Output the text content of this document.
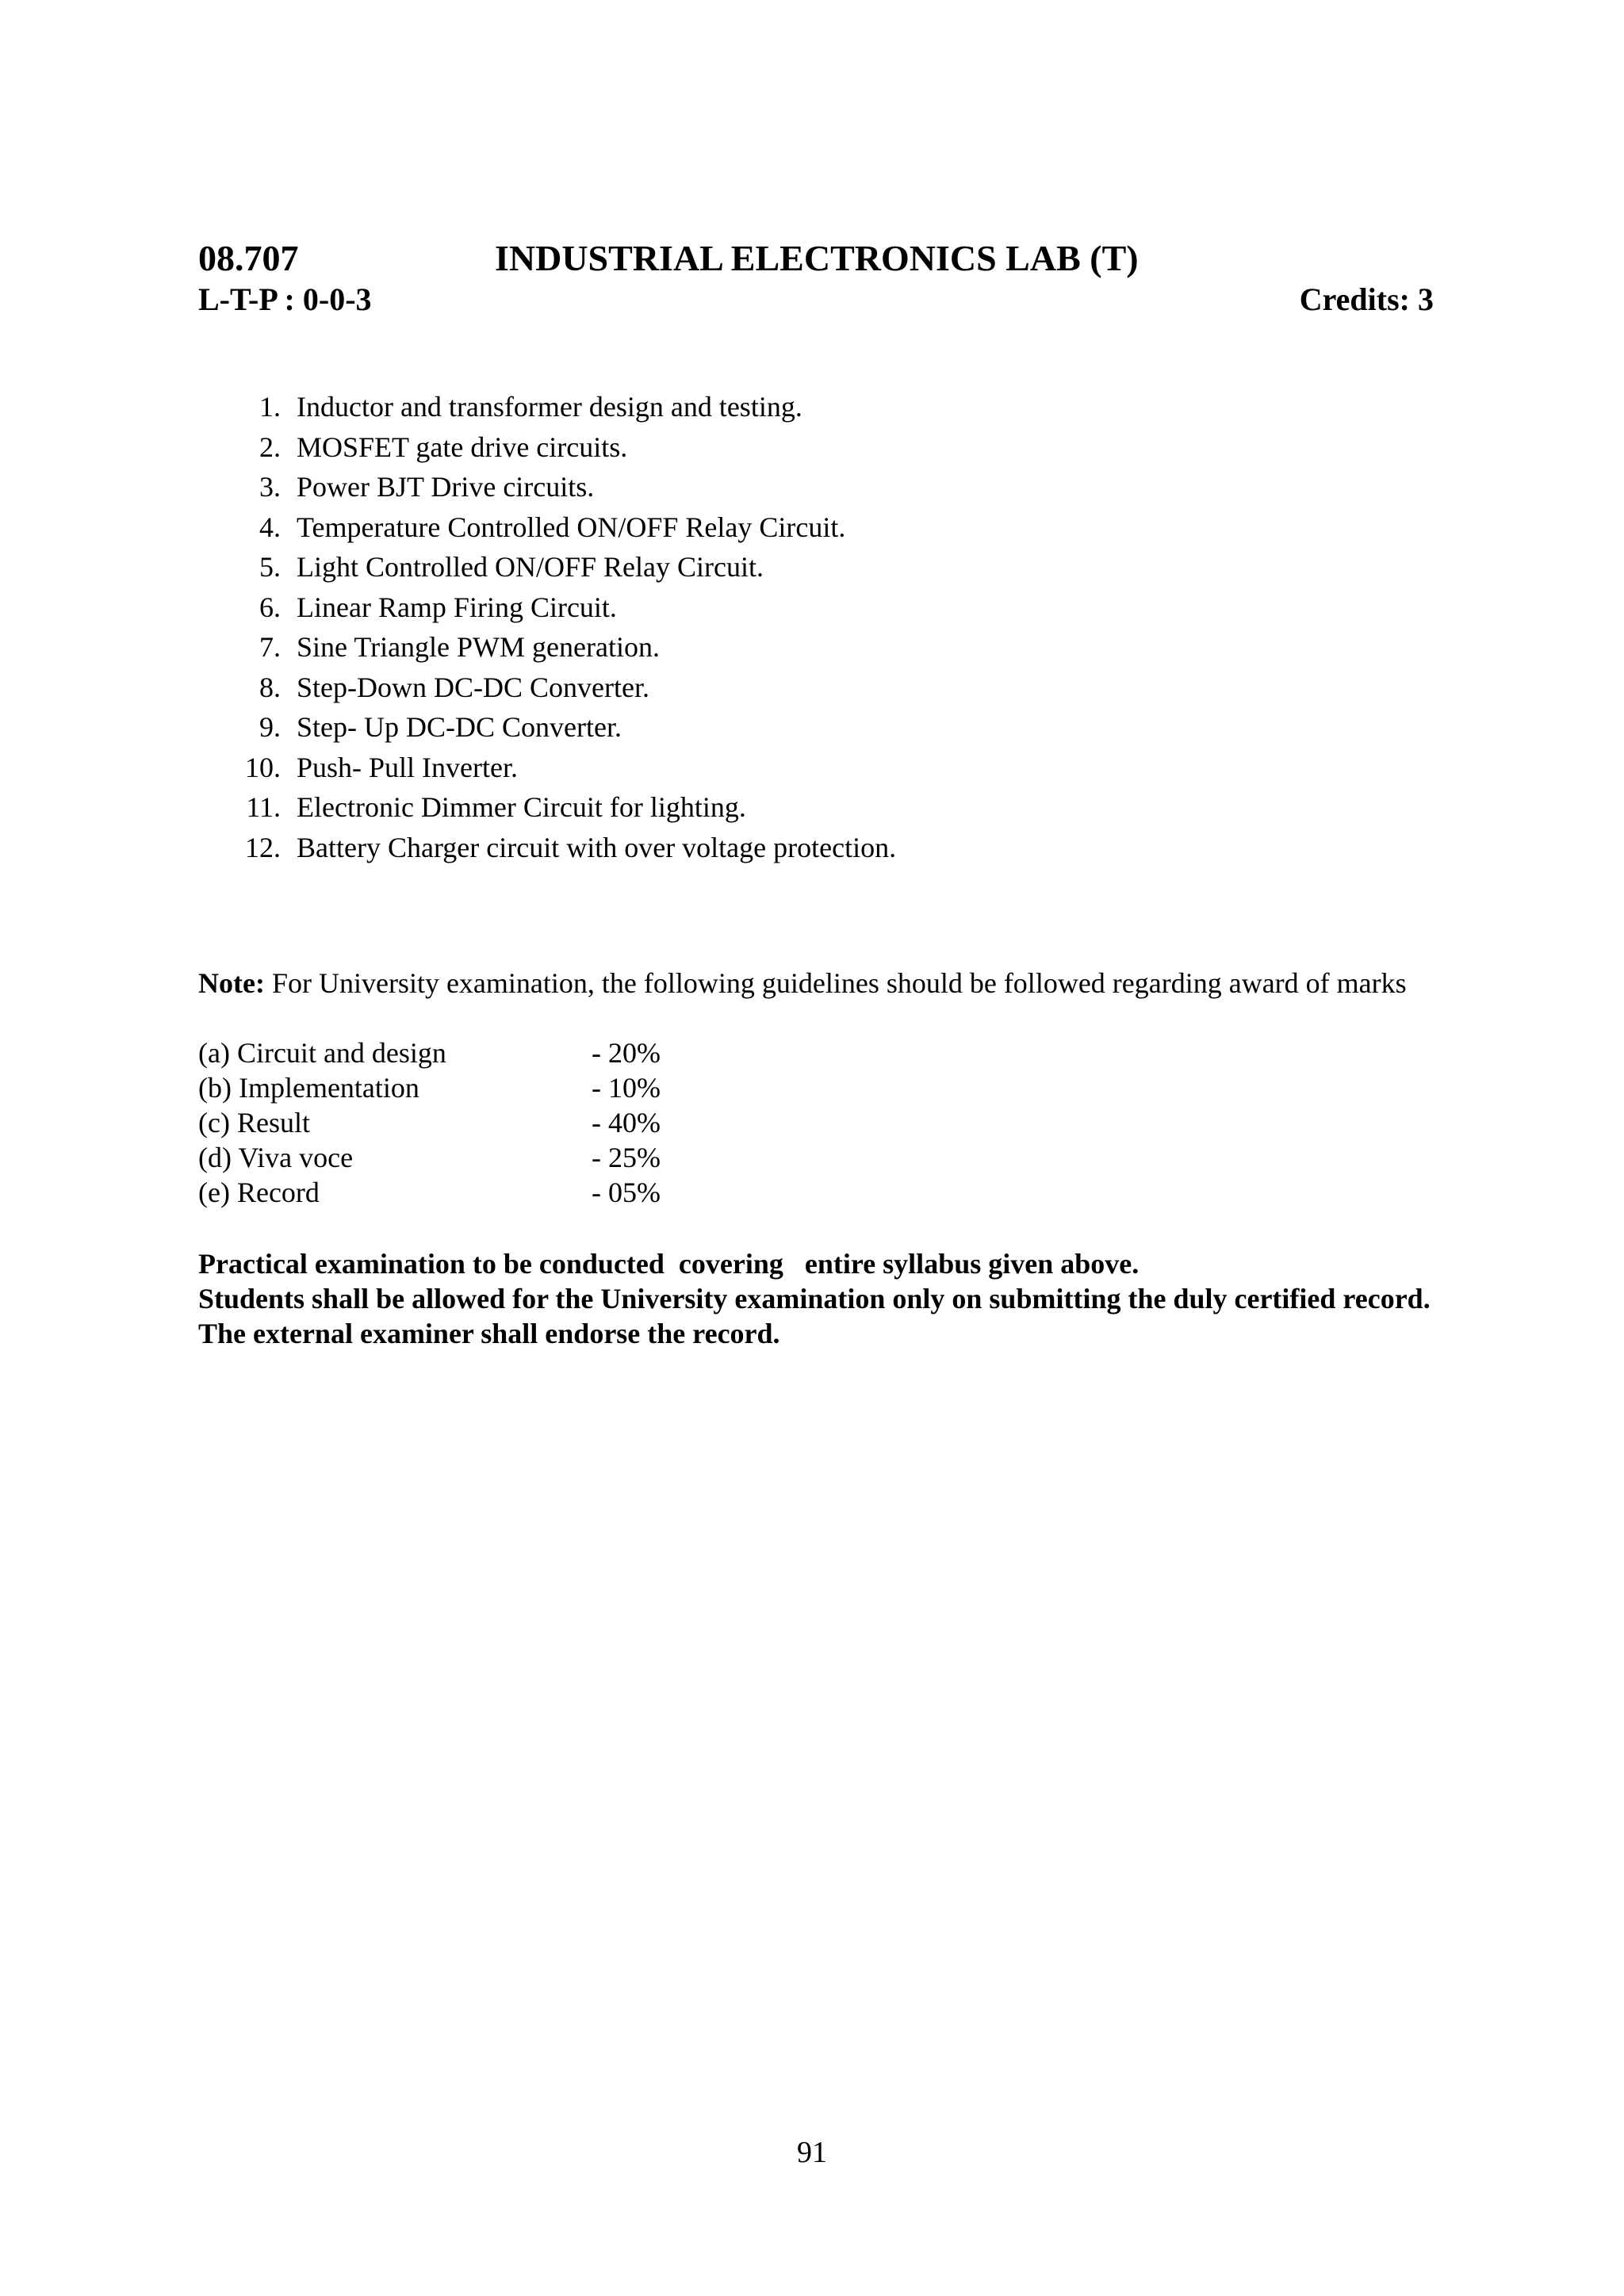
08.707	INDUSTRIAL ELECTRONICS LAB (T)
L-T-P : 0-0-3	Credits: 3
1. Inductor and transformer design and testing.
2. MOSFET gate drive circuits.
3. Power BJT Drive circuits.
4. Temperature Controlled ON/OFF Relay Circuit.
5. Light Controlled ON/OFF Relay Circuit.
6. Linear Ramp Firing Circuit.
7. Sine Triangle PWM generation.
8. Step-Down DC-DC Converter.
9. Step- Up DC-DC Converter.
10. Push- Pull Inverter.
11. Electronic Dimmer Circuit for lighting.
12. Battery Charger circuit with over voltage protection.
Note: For University examination, the following guidelines should be followed regarding award of marks
(a) Circuit and design	- 20%
(b) Implementation	- 10%
(c) Result	- 40%
(d) Viva voce	- 25%
(e) Record	- 05%

Practical examination to be conducted  covering   entire syllabus given above.

Students shall be allowed for the University examination only on submitting the duly certified record. The external examiner shall endorse the record.

91
